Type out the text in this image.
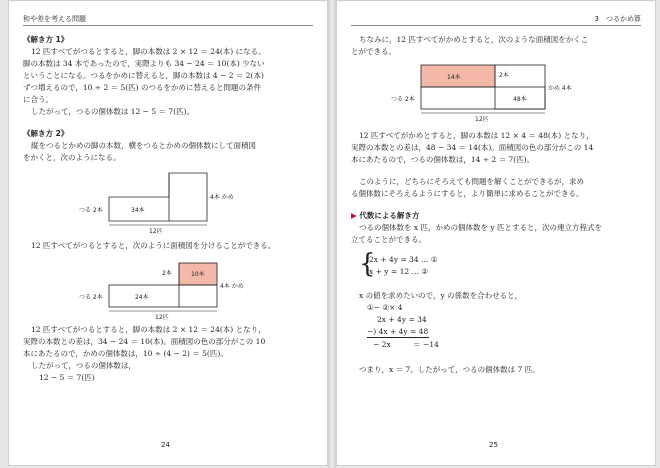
和や差を考える問題
《解き方 1》
12 匹すべてがつるとすると，脚の本数は 2 × 12 ＝ 24(本) になる。
脚の本数は 34 本であったので，実際よりも 34 − 24 ＝ 10(本) 少ない
ということになる。つるをかめに替えると，脚の本数は 4 − 2 ＝ 2(本)
ずつ増えるので，10 ÷ 2 ＝ 5(匹) のつるをかめに替えると問題の条件
に合う。
したがって，つるの個体数は 12 − 5 ＝ 7(匹)。
《解き方 2》
縦をつるとかめの脚の本数，横をつるとかめの個体数にして面積図
をかくと，次のようになる。
つる 2本	34本
4本 かめ
12匹
12 匹すべてがつるとすると，次のように面積図を分けることができる。
つる 2本	24本
2本	10本
4本 かめ
12匹
12 匹すべてがつるとすると，脚の本数は 2 × 12 ＝ 24(本) となり，
実際の本数との差は，34 − 24 ＝ 10(本)。面積図の色の部分がこの 10
本にあたるので，かめの個体数は，10 ÷ (4 − 2) ＝ 5(匹)。
したがって，つるの個体数は，
12 − 5 ＝ 7(匹)
24
3　つるかめ算
ちなみに，12 匹すべてがかめとすると，次のような面積図をかくこ
とができる。
つる 2本
14本	2本
48本
かめ 4本
12匹
12 匹すべてがかめとすると，脚の本数は 12 × 4 ＝ 48(本) となり，
実際の本数との差は，48 − 34 ＝ 14(本)。面積図の色の部分がこの 14
本にあたるので，つるの個体数は，14 ÷ 2 ＝ 7(匹)。
このように，どちらにそろえても問題を解くことができるが，求め
る個体数にそろえるようにすると，より簡単に求めることができる。
▶ 代数による解き方
つるの個体数を x 匹，かめの個体数を y 匹とすると，次の連立方程式を
立てることができる。
{
2x + 4y = 34 … ①
x + y = 12 … ②
x の値を求めたいので，y の係数を合わせると，
①− ②× 4
2x + 4y = 34
−) 4x + 4y = 48
− 2x　　　＝ −14
つまり，x ＝ 7。したがって，つるの個体数は 7 匹。
25
